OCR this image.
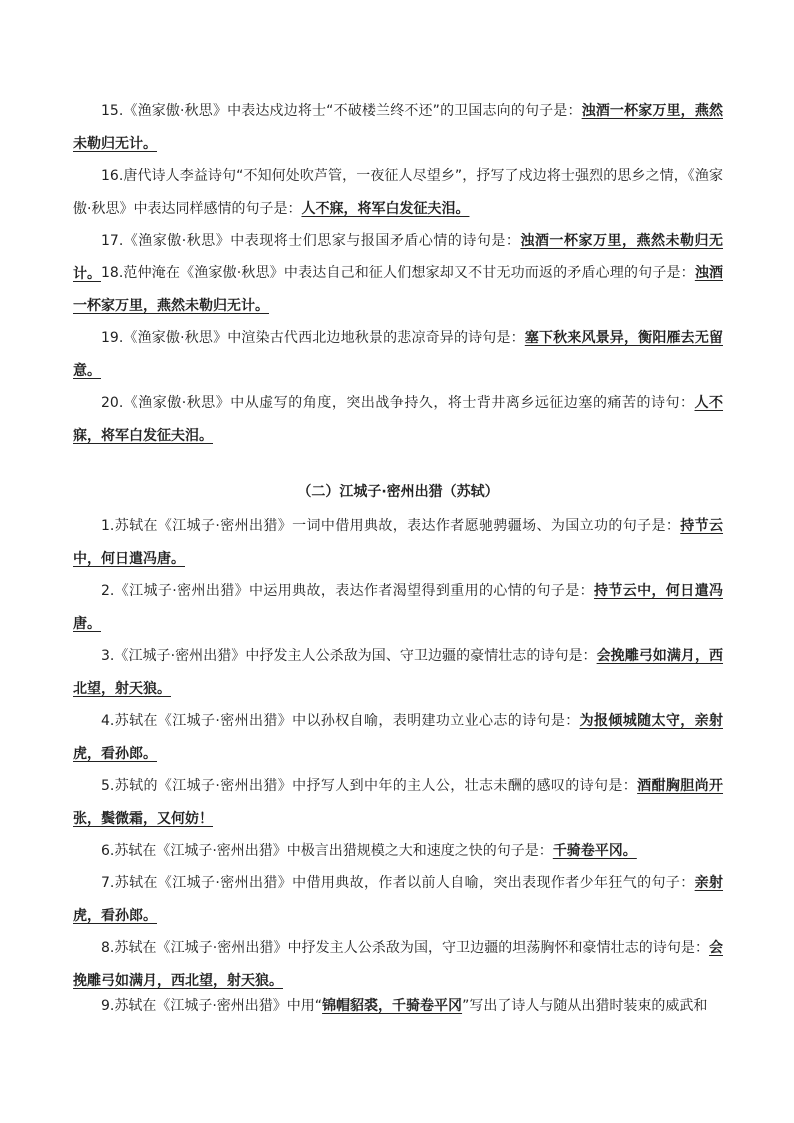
15.《渔家傲·秋思》中表达戍边将士“不破楼兰终不还”的卫国志向的句子是：浊酒一杯家万里，燕然未勒归无计。

16.唐代诗人李益诗句“不知何处吹芦管，一夜征人尽望乡”，抒写了戍边将士强烈的思乡之情，《渔家傲·秋思》中表达同样感情的句子是：人不寐，将军白发征夫泪。

17.《渔家傲·秋思》中表现将士们思家与报国矛盾心情的诗句是：浊酒一杯家万里，燕然未勒归无计。 18.范仲淹在《渔家傲·秋思》中表达自己和征人们想家却又不甘无功而返的矛盾心理的句子是：浊酒一杯家万里，燕然未勒归无计。

19.《渔家傲·秋思》中渲染古代西北边地秋景的悲凉奇异的诗句是：塞下秋来风景异，衡阳雁去无留意。

20.《渔家傲·秋思》中从虚写的角度，突出战争持久，将士背井离乡远征边塞的痛苦的诗句：人不寐，将军白发征夫泪。

（二）江城子·密州出猎（苏轼）

1.苏轼在《江城子·密州出猎》一词中借用典故，表达作者愿驰骋疆场、为国立功的句子是：持节云中，何日遣冯唐。

2.《江城子·密州出猎》中运用典故，表达作者渴望得到重用的心情的句子是：持节云中，何日遣冯唐。

3.《江城子·密州出猎》中抒发主人公杀敌为国、守卫边疆的豪情壮志的诗句是：会挽雕弓如满月，西北望，射天狼。

4.苏轼在《江城子·密州出猎》中以孙权自喻，表明建功立业心志的诗句是：为报倾城随太守，亲射虎，看孙郎。

5.苏轼的《江城子·密州出猎》中抒写人到中年的主人公，壮志未酬的感叹的诗句是：酒酣胸胆尚开张，鬓微霜，又何妨！

6.苏轼在《江城子·密州出猎》中极言出猎规模之大和速度之快的句子是：千骑卷平冈。

7.苏轼在《江城子·密州出猎》中借用典故，作者以前人自喻，突出表现作者少年狂气的句子：亲射虎，看孙郎。

8.苏轼在《江城子·密州出猎》中抒发主人公杀敌为国，守卫边疆的坦荡胸怀和豪情壮志的诗句是：会挽雕弓如满月，西北望，射天狼。

9.苏轼在《江城子·密州出猎》中用“锦帽貂裘，千骑卷平冈”写出了诗人与随从出猎时装束的威武和
